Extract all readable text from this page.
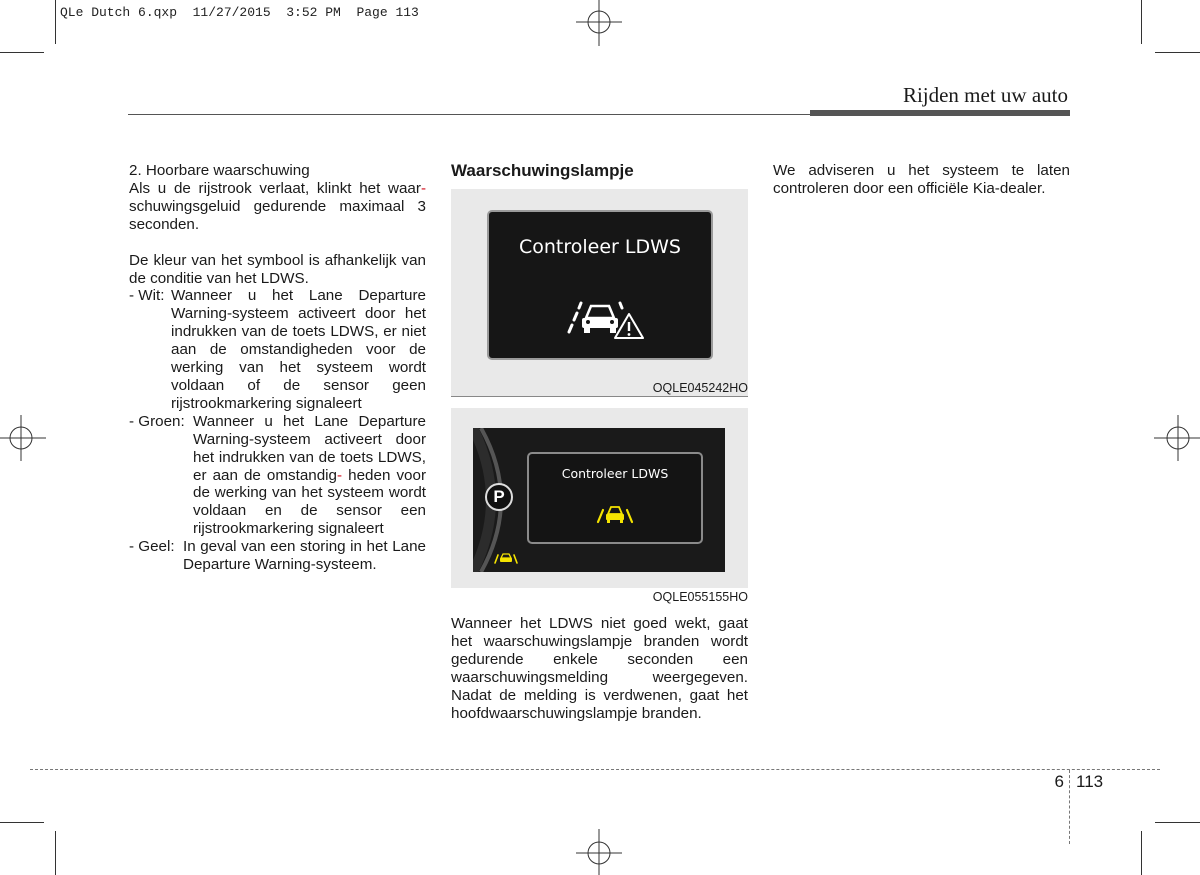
QLe Dutch 6.qxp  11/27/2015  3:52 PM  Page 113
Rijden met uw auto

2. Hoorbare waarschuwing

Als u de rijstrook verlaat, klinkt het waar- schuwingsgeluid gedurende maximaal 3 seconden.

De kleur van het symbool is afhankelijk van de conditie van het LDWS.

- Wit: Wanneer u het Lane Departure Warning-systeem activeert door het indrukken van de toets LDWS, er niet aan de omstandigheden voor de werking van het systeem wordt voldaan of de sensor geen rijstrookmarkering signaleert
- Groen: Wanneer u het Lane Departure Warning-systeem activeert door het indrukken van de toets LDWS, er aan de omstandig- heden voor de werking van het systeem wordt voldaan en de sensor een rijstrookmarkering signaleert
- Geel: In geval van een storing in het Lane Departure Warning-systeem.
Waarschuwingslampje
Controleer LDWS
OQLE045242HO
P
Controleer LDWS
OQLE055155HO
Wanneer het LDWS niet goed wekt, gaat het waarschuwingslampje branden wordt gedurende enkele seconden een waarschuwingsmelding weergegeven. Nadat de melding is verdwenen, gaat het hoofdwaarschuwingslampje branden.
We adviseren u het systeem te laten controleren door een officiële Kia-dealer.
6 113
